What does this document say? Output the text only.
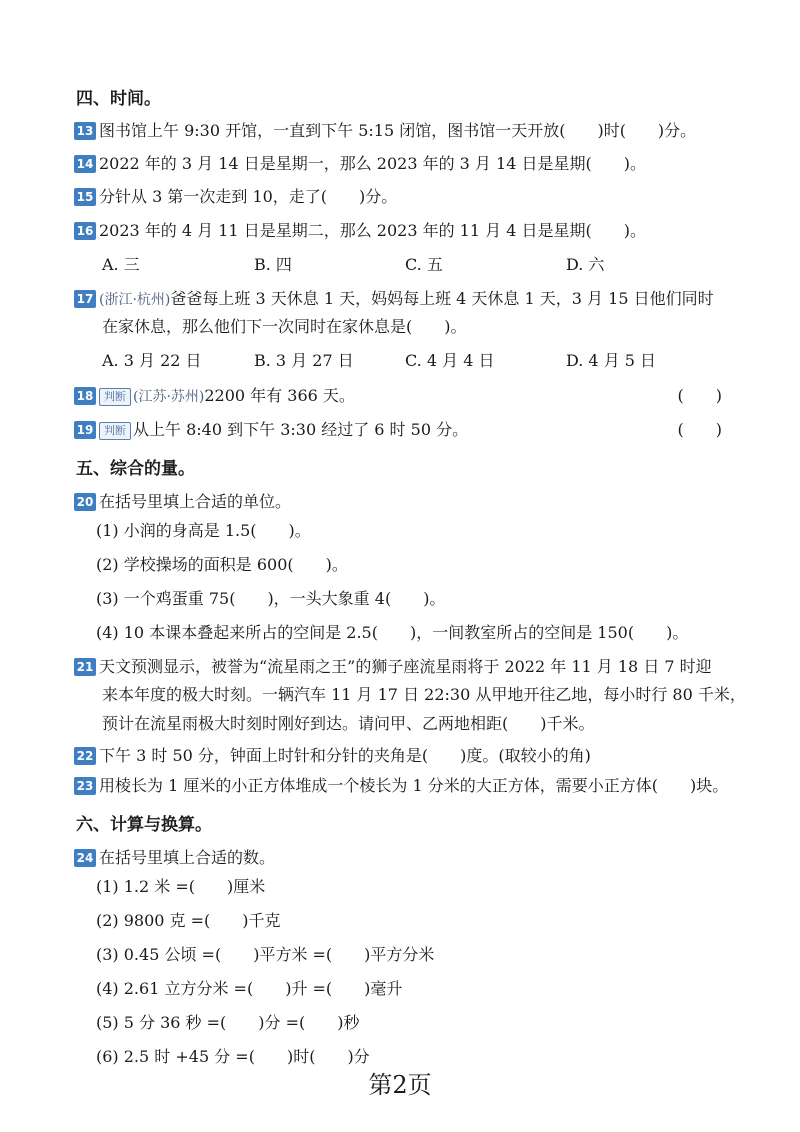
四、时间。
13 图书馆上午 9:30 开馆，一直到下午 5:15 闭馆，图书馆一天开放(　　)时(　　)分。
14 2022 年的 3 月 14 日是星期一，那么 2023 年的 3 月 14 日是星期(　　)。
15 分针从 3 第一次走到 10，走了(　　)分。
16 2023 年的 4 月 11 日是星期二，那么 2023 年的 11 月 4 日是星期(　　)。
A. 三	B. 四	C. 五	D. 六
17 (浙江·杭州)爸爸每上班 3 天休息 1 天，妈妈每上班 4 天休息 1 天，3 月 15 日他们同时
在家休息，那么他们下一次同时在家休息是(　　)。
A. 3 月 22 日	B. 3 月 27 日	C. 4 月 4 日	D. 4 月 5 日
18 判断 (江苏·苏州)2200 年有 366 天。	(　　)
19 判断 从上午 8:40 到下午 3:30 经过了 6 时 50 分。	(　　)
五、综合的量。
20 在括号里填上合适的单位。
(1) 小润的身高是 1.5(　　)。
(2) 学校操场的面积是 600(　　)。
(3) 一个鸡蛋重 75(　　)，一头大象重 4(　　)。
(4) 10 本课本叠起来所占的空间是 2.5(　　)，一间教室所占的空间是 150(　　)。
21 天文预测显示，被誉为“流星雨之王”的狮子座流星雨将于 2022 年 11 月 18 日 7 时迎
来本年度的极大时刻。一辆汽车 11 月 17 日 22:30 从甲地开往乙地，每小时行 80 千米，
预计在流星雨极大时刻时刚好到达。请问甲、乙两地相距(　　)千米。
22 下午 3 时 50 分，钟面上时针和分针的夹角是(　　)度。(取较小的角)
23 用棱长为 1 厘米的小正方体堆成一个棱长为 1 分米的大正方体，需要小正方体(　　)块。
六、计算与换算。
24 在括号里填上合适的数。
(1) 1.2 米 =(　　)厘米
(2) 9800 克 =(　　)千克
(3) 0.45 公顷 =(　　)平方米 =(　　)平方分米
(4) 2.61 立方分米 =(　　)升 =(　　)毫升
(5) 5 分 36 秒 =(　　)分 =(　　)秒
(6) 2.5 时 +45 分 =(　　)时(　　)分
第2页
